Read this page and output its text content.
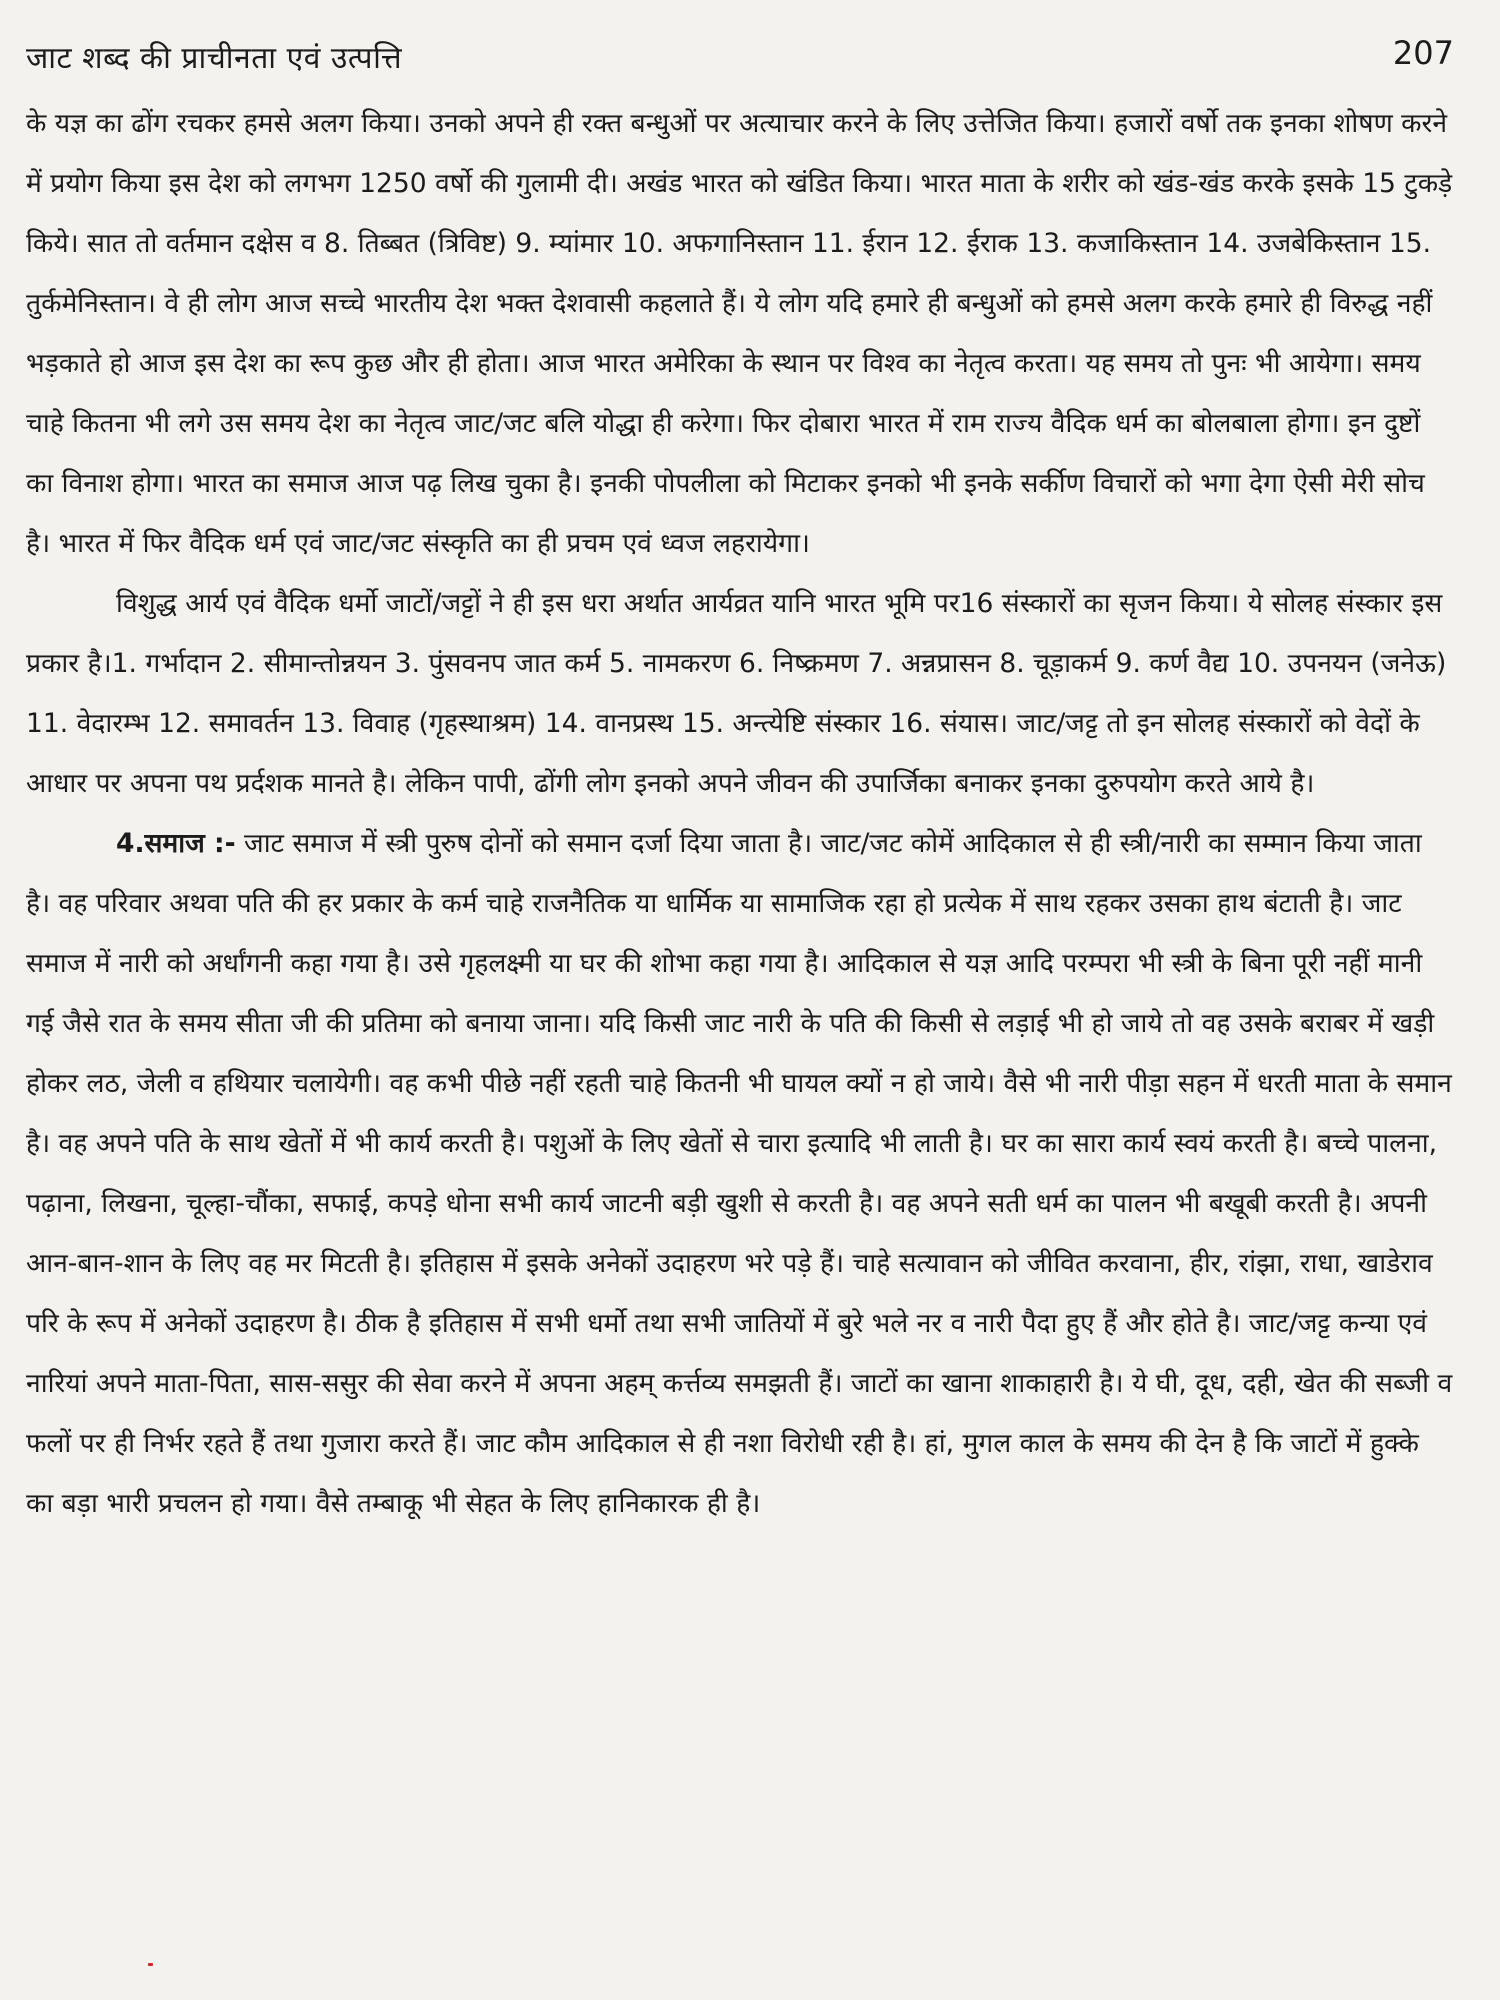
जाट शब्द की प्राचीनता एवं उत्पत्ति	207

के यज्ञ का ढोंग रचकर हमसे अलग किया। उनको अपने ही रक्त बन्धुओं पर अत्याचार करने के लिए उत्तेजित किया। हजारों वर्षो तक इनका शोषण करने में प्रयोग किया इस देश को लगभग 1250 वर्षो की गुलामी दी। अखंड भारत को खंडित किया। भारत माता के शरीर को खंड-खंड करके इसके 15 टुकड़े किये। सात तो वर्तमान दक्षेस व 8. तिब्बत (त्रिविष्ट) 9. म्यांमार 10. अफगानिस्तान 11. ईरान 12. ईराक 13. कजाकिस्तान 14. उजबेकिस्तान 15. तुर्कमेनिस्तान। वे ही लोग आज सच्चे भारतीय देश भक्त देशवासी कहलाते हैं। ये लोग यदि हमारे ही बन्धुओं को हमसे अलग करके हमारे ही विरुद्ध नहीं भड़काते हो आज इस देश का रूप कुछ और ही होता। आज भारत अमेरिका के स्थान पर विश्व का नेतृत्व करता। यह समय तो पुनः भी आयेगा। समय चाहे कितना भी लगे उस समय देश का नेतृत्व जाट/जट बलि योद्धा ही करेगा। फिर दोबारा भारत में राम राज्य वैदिक धर्म का बोलबाला होगा। इन दुष्टों का विनाश होगा। भारत का समाज आज पढ़ लिख चुका है। इनकी पोपलीला को मिटाकर इनको भी इनके सर्कीण विचारों को भगा देगा ऐसी मेरी सोच है। भारत में फिर वैदिक धर्म एवं जाट/जट संस्कृति का ही प्रचम एवं ध्वज लहरायेगा।

विशुद्ध आर्य एवं वैदिक धर्मो जाटों/जट्टों ने ही इस धरा अर्थात आर्यव्रत यानि भारत भूमि पर16 संस्कारों का सृजन किया। ये सोलह संस्कार इस प्रकार है।1. गर्भादान 2. सीमान्तोन्नयन 3. पुंसवनप जात कर्म 5. नामकरण 6. निष्क्रमण 7. अन्नप्रासन 8. चूड़ाकर्म 9. कर्ण वैद्य 10. उपनयन (जनेऊ) 11. वेदारम्भ 12. समावर्तन 13. विवाह (गृहस्थाश्रम) 14. वानप्रस्थ 15. अन्त्येष्टि संस्कार 16. संयास। जाट/जट्ट तो इन सोलह संस्कारों को वेदों के आधार पर अपना पथ प्रर्दशक मानते है। लेकिन पापी, ढोंगी लोग इनको अपने जीवन की उपार्जिका बनाकर इनका दुरुपयोग करते आये है।

4.समाज :- जाट समाज में स्त्री पुरुष दोनों को समान दर्जा दिया जाता है। जाट/जट कोमें आदिकाल से ही स्त्री/नारी का सम्मान किया जाता है। वह परिवार अथवा पति की हर प्रकार के कर्म चाहे राजनैतिक या धार्मिक या सामाजिक रहा हो प्रत्येक में साथ रहकर उसका हाथ बंटाती है। जाट समाज में नारी को अर्धांगनी कहा गया है। उसे गृहलक्ष्मी या घर की शोभा कहा गया है। आदिकाल से यज्ञ आदि परम्परा भी स्त्री के बिना पूरी नहीं मानी गई जैसे रात के समय सीता जी की प्रतिमा को बनाया जाना। यदि किसी जाट नारी के पति की किसी से लड़ाई भी हो जाये तो वह उसके बराबर में खड़ी होकर लठ, जेली व हथियार चलायेगी। वह कभी पीछे नहीं रहती चाहे कितनी भी घायल क्यों न हो जाये। वैसे भी नारी पीड़ा सहन में धरती माता के समान है। वह अपने पति के साथ खेतों में भी कार्य करती है। पशुओं के लिए खेतों से चारा इत्यादि भी लाती है। घर का सारा कार्य स्वयं करती है। बच्चे पालना, पढ़ाना, लिखना, चूल्हा-चौंका, सफाई, कपड़े धोना सभी कार्य जाटनी बड़ी खुशी से करती है। वह अपने सती धर्म का पालन भी बखूबी करती है। अपनी आन-बान-शान के लिए वह मर मिटती है। इतिहास में इसके अनेकों उदाहरण भरे पड़े हैं। चाहे सत्यावान को जीवित करवाना, हीर, रांझा, राधा, खाडेराव परि के रूप में अनेकों उदाहरण है। ठीक है इतिहास में सभी धर्मो तथा सभी जातियों में बुरे भले नर व नारी पैदा हुए हैं और होते है। जाट/जट्ट कन्या एवं नारियां अपने माता-पिता, सास-ससुर की सेवा करने में अपना अहम् कर्त्तव्य समझती हैं। जाटों का खाना शाकाहारी है। ये घी, दूध, दही, खेत की सब्जी व फलों पर ही निर्भर रहते हैं तथा गुजारा करते हैं। जाट कौम आदिकाल से ही नशा विरोधी रही है। हां, मुगल काल के समय की देन है कि जाटों में हुक्के का बड़ा भारी प्रचलन हो गया। वैसे तम्बाकू भी सेहत के लिए हानिकारक ही है।
